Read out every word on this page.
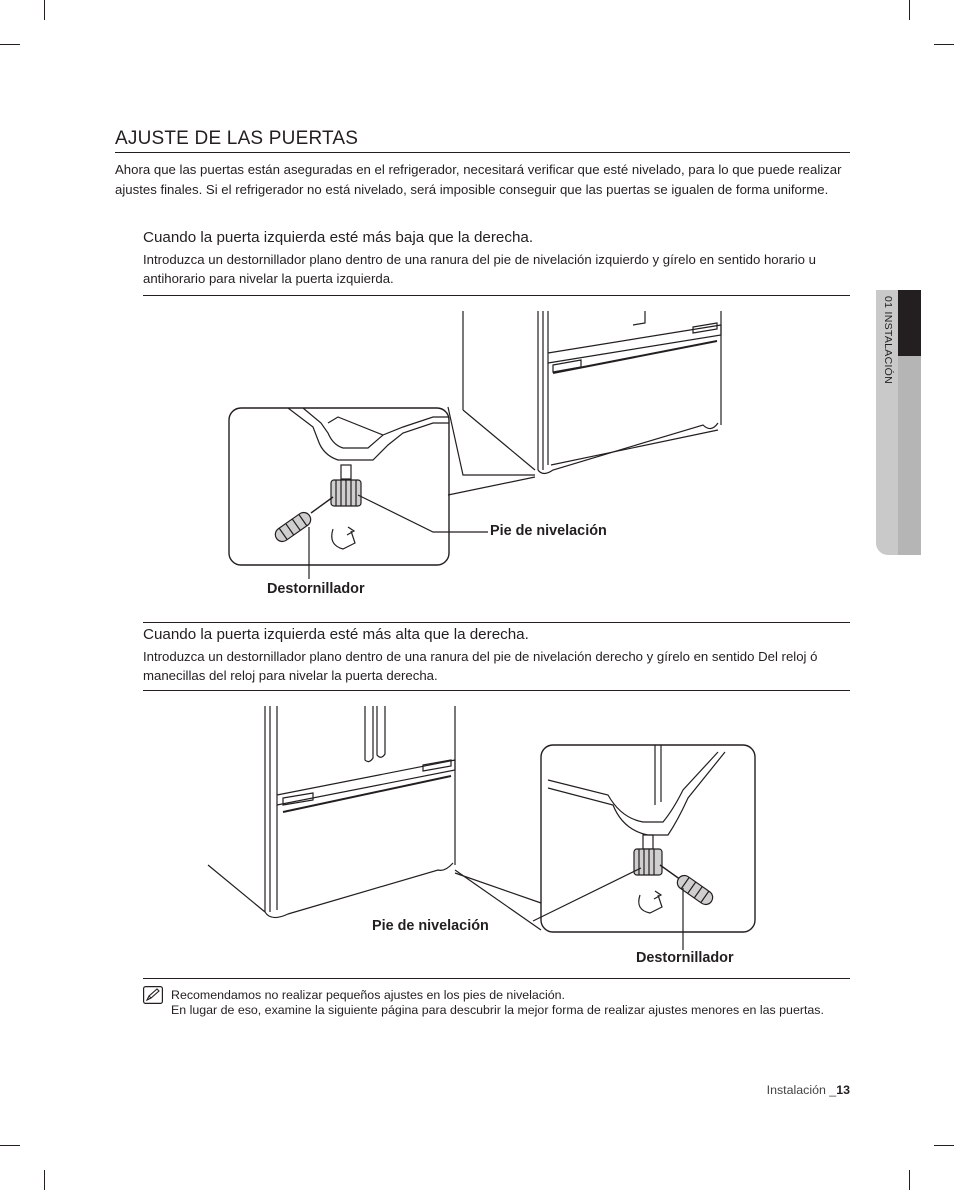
01 INSTALACIÓN
AJUSTE DE LAS PUERTAS
Ahora que las puertas están aseguradas en el refrigerador, necesitará verificar que esté nivelado, para lo que puede realizar ajustes finales. Si el refrigerador no está nivelado, será imposible conseguir que las puertas se igualen de forma uniforme.
Cuando la puerta izquierda esté más baja que la derecha.
Introduzca un destornillador plano dentro de una ranura del pie de nivelación izquierdo y gírelo en sentido horario u antihorario para nivelar la puerta izquierda.
Pie de nivelación
Destornillador
Cuando la puerta izquierda esté más alta que la derecha.
Introduzca un destornillador plano dentro de una ranura del pie de nivelación derecho y gírelo en sentido Del reloj ó manecillas del reloj para nivelar la puerta derecha.
Pie de nivelación
Destornillador
Recomendamos no realizar pequeños ajustes en los pies de nivelación.
En lugar de eso, examine la siguiente página para descubrir la mejor forma de realizar ajustes menores en las puertas.
Instalación _13
